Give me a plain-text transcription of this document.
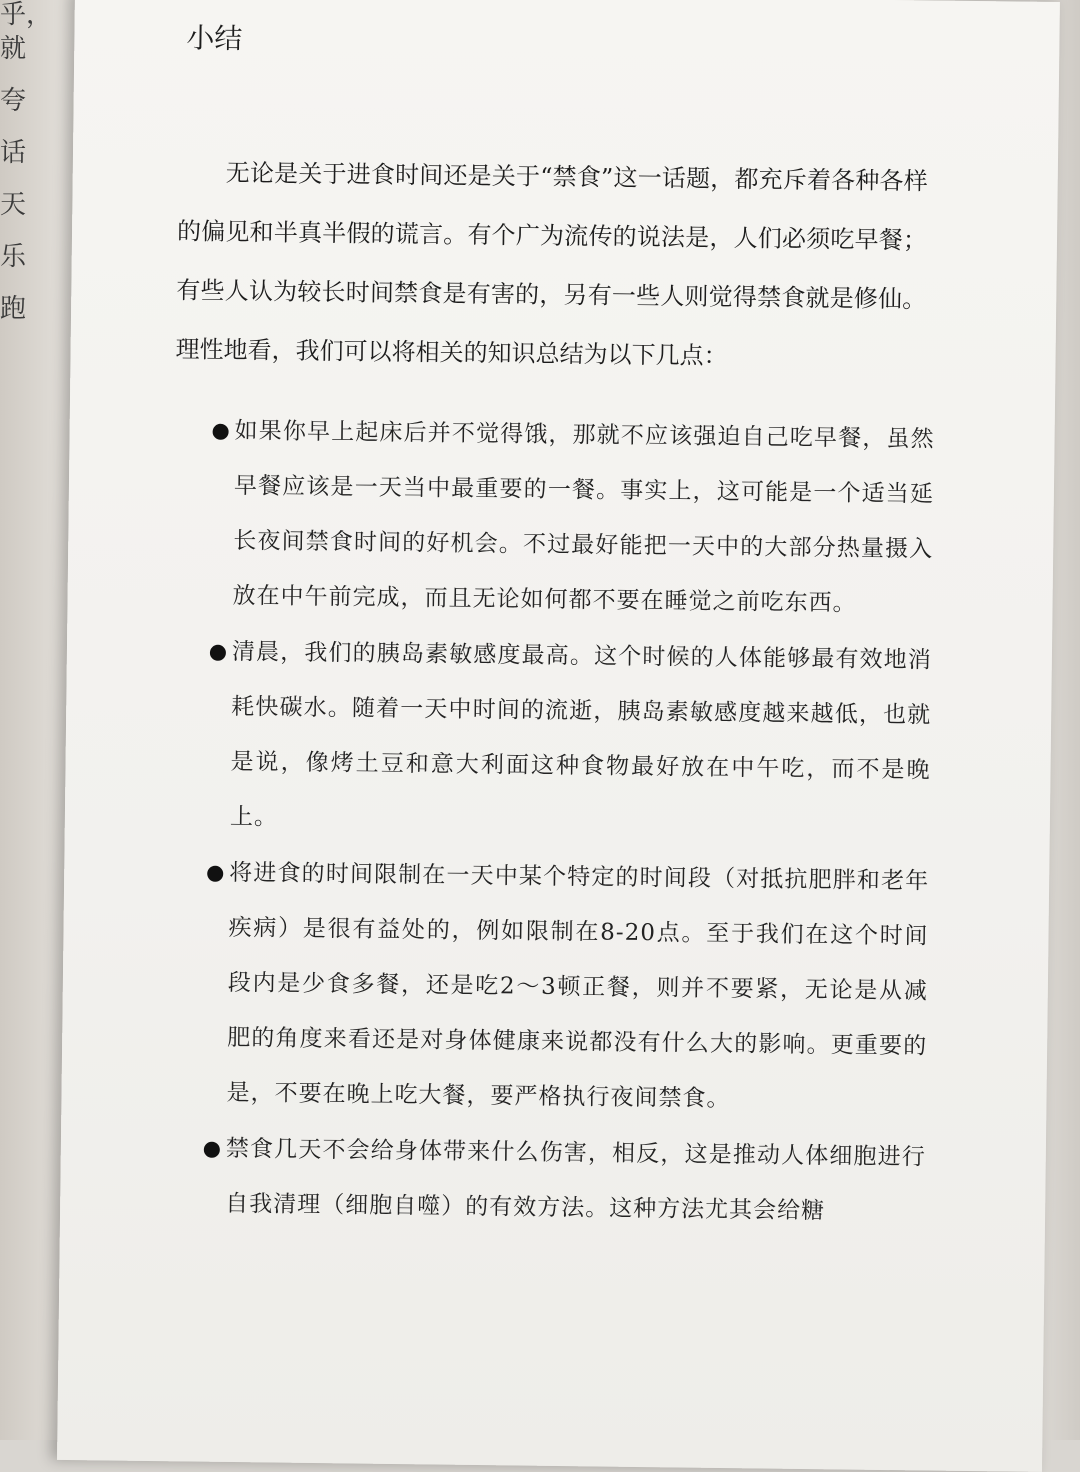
乎，
就
夸
话
天
乐
跑
小结

无论是关于进食时间还是关于“禁食”这一话题，都充斥着各种各样的偏见和半真半假的谎言。有个广为流传的说法是，人们必须吃早餐；有些人认为较长时间禁食是有害的，另有一些人则觉得禁食就是修仙。理性地看，我们可以将相关的知识总结为以下几点：

如果你早上起床后并不觉得饿，那就不应该强迫自己吃早餐，虽然早餐应该是一天当中最重要的一餐。事实上，这可能是一个适当延长夜间禁食时间的好机会。不过最好能把一天中的大部分热量摄入放在中午前完成，而且无论如何都不要在睡觉之前吃东西。
清晨，我们的胰岛素敏感度最高。这个时候的人体能够最有效地消耗快碳水。随着一天中时间的流逝，胰岛素敏感度越来越低，也就是说，像烤土豆和意大利面这种食物最好放在中午吃，而不是晚上。
将进食的时间限制在一天中某个特定的时间段（对抵抗肥胖和老年疾病）是很有益处的，例如限制在8-20点。至于我们在这个时间段内是少食多餐，还是吃2～3顿正餐，则并不要紧，无论是从减肥的角度来看还是对身体健康来说都没有什么大的影响。更重要的是，不要在晚上吃大餐，要严格执行夜间禁食。
禁食几天不会给身体带来什么伤害，相反，这是推动人体细胞进行自我清理（细胞自噬）的有效方法。这种方法尤其会给糖
